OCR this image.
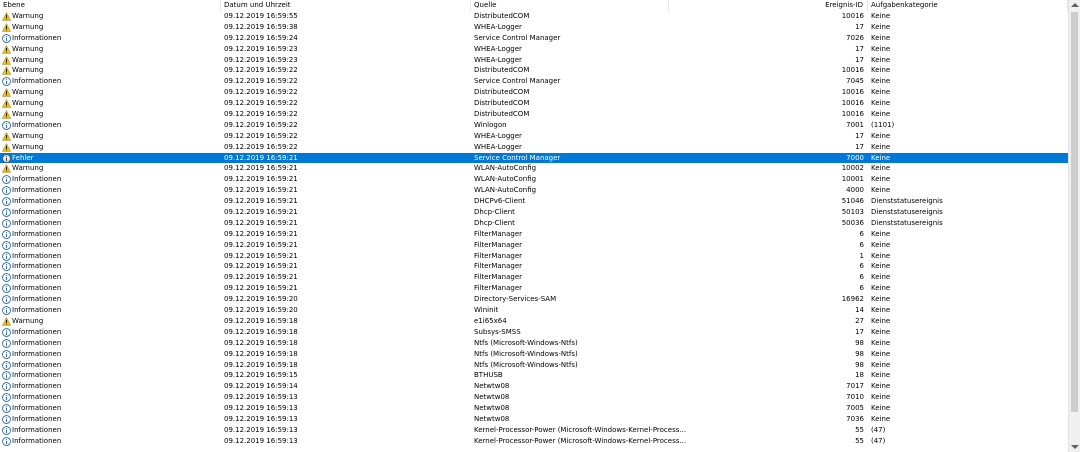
Ebene	Datum und Uhrzeit	Quelle	Ereignis-ID	Aufgabenkategorie
Warnung	09.12.2019 16:59:55	DistributedCOM	10016 Keine
Warnung	09.12.2019 16:59:38	WHEA-Logger	17 Keine
Informationen	09.12.2019 16:59:24	Service Control Manager	7026 Keine
Warnung	09.12.2019 16:59:23	WHEA-Logger	17 Keine
Warnung	09.12.2019 16:59:23	WHEA-Logger	17 Keine
Warnung	09.12.2019 16:59:22	DistributedCOM	10016 Keine
Informationen	09.12.2019 16:59:22	Service Control Manager	7045 Keine
Warnung	09.12.2019 16:59:22	DistributedCOM	10016 Keine
Warnung	09.12.2019 16:59:22	DistributedCOM	10016 Keine
Warnung	09.12.2019 16:59:22	DistributedCOM	10016 Keine
Informationen	09.12.2019 16:59:22	Winlogon	7001 (1101)
Warnung	09.12.2019 16:59:22	WHEA-Logger	17 Keine
Warnung	09.12.2019 16:59:22	WHEA-Logger	17 Keine
Fehler	09.12.2019 16:59:21	Service Control Manager	7000 Keine
Warnung	09.12.2019 16:59:21	WLAN-AutoConfig	10002 Keine
Informationen	09.12.2019 16:59:21	WLAN-AutoConfig	10001 Keine
Informationen	09.12.2019 16:59:21	WLAN-AutoConfig	4000 Keine
Informationen	09.12.2019 16:59:21	DHCPv6-Client	51046 Dienststatusereignis
Informationen	09.12.2019 16:59:21	Dhcp-Client	50103 Dienststatusereignis
Informationen	09.12.2019 16:59:21	Dhcp-Client	50036 Dienststatusereignis
Informationen	09.12.2019 16:59:21	FilterManager	6 Keine
Informationen	09.12.2019 16:59:21	FilterManager	6 Keine
Informationen	09.12.2019 16:59:21	FilterManager	1 Keine
Informationen	09.12.2019 16:59:21	FilterManager	6 Keine
Informationen	09.12.2019 16:59:21	FilterManager	6 Keine
Informationen	09.12.2019 16:59:21	FilterManager	6 Keine
Informationen	09.12.2019 16:59:20	Directory-Services-SAM	16962 Keine
Informationen	09.12.2019 16:59:20	Wininit	14 Keine
Warnung	09.12.2019 16:59:18	e1i65x64	27 Keine
Informationen	09.12.2019 16:59:18	Subsys-SMSS	17 Keine
Informationen	09.12.2019 16:59:18	Ntfs (Microsoft-Windows-Ntfs)	98 Keine
Informationen	09.12.2019 16:59:18	Ntfs (Microsoft-Windows-Ntfs)	98 Keine
Informationen	09.12.2019 16:59:18	Ntfs (Microsoft-Windows-Ntfs)	98 Keine
Informationen	09.12.2019 16:59:15	BTHUSB	18 Keine
Informationen	09.12.2019 16:59:14	Netwtw08	7017 Keine
Informationen	09.12.2019 16:59:13	Netwtw08	7010 Keine
Informationen	09.12.2019 16:59:13	Netwtw08	7005 Keine
Informationen	09.12.2019 16:59:13	Netwtw08	7036 Keine
Informationen	09.12.2019 16:59:13	Kernel-Processor-Power (Microsoft-Windows-Kernel-Process...	55 (47)
Informationen	09.12.2019 16:59:13	Kernel-Processor-Power (Microsoft-Windows-Kernel-Process...	55 (47)
